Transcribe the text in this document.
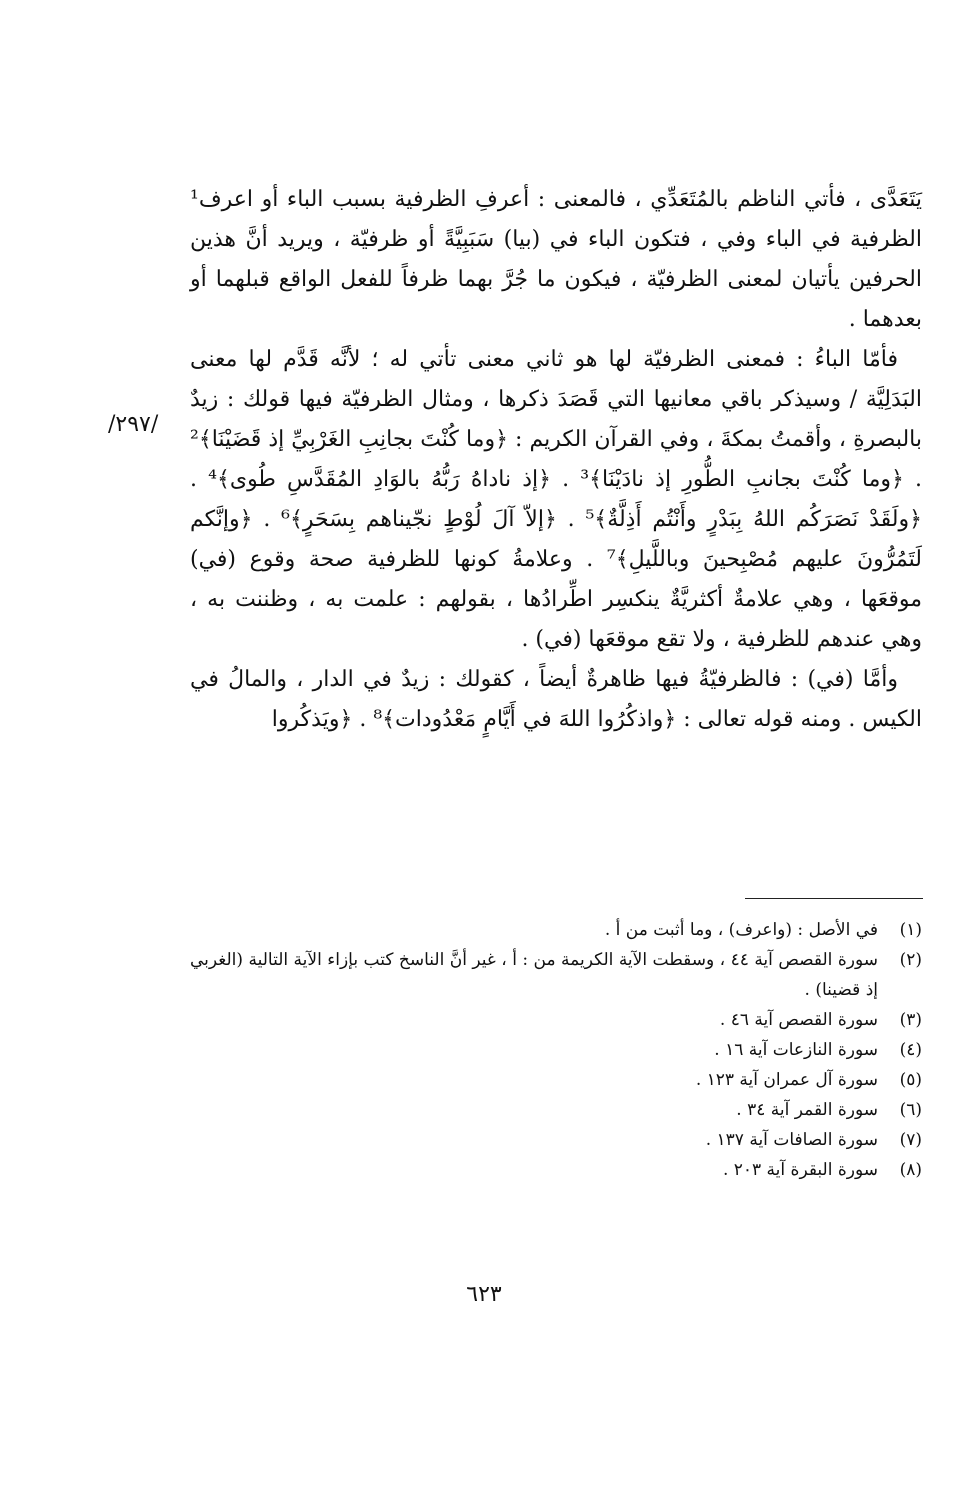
يَتَعَدَّى ، فأتي الناظم بالمُتَعَدِّي ، فالمعنى : أعرفِ الظرفية بسبب الباء أو اعرف¹ الظرفية في الباء وفي ، فتكون الباء في (بيا) سَبَبِيَّةً أو ظرفيّة ، ويريد أنَّ هذين الحرفين يأتيان لمعنى الظرفيّة ، فيكون ما جُرَّ بهما ظرفاً للفعل الواقع قبلهما أو بعدهما .

فأمّا الباءُ : فمعنى الظرفيّة لها هو ثاني معنى تأتي له ؛ لأنَّه قَدَّم لها معنى البَدَلِيَّة / وسيذكر باقي معانيها التي قَصَدَ ذكرها ، ومثال الظرفيّة فيها قولك : زيدٌ بالبصرةِ ، وأقمتُ بمكةَ ، وفي القرآن الكريم : ﴿وما كُنْتَ بجانِبِ الغَرْبِيِّ إذ قَضَيْنَا﴾² . ﴿وما كُنْتَ بجانبِ الطُّورِ إذ نادَيْنَا﴾³ . ﴿إذ ناداهُ رَبُّهُ بالوَادِ المُقَدَّسِ طُوى﴾⁴ . ﴿ولَقَدْ نَصَرَكُم اللهُ بِبَدْرٍ وأَنْتُم أَذِلَّةٌ﴾⁵ . ﴿إلاّ آلَ لُوْطٍ نجّيناهم بِسَحَرٍ﴾⁶ . ﴿وإنَّكم لَتَمُرُّونَ عليهم مُصْبِحينَ وباللَّيلِ﴾⁷ . وعلامةُ كونها للظرفية صحة وقوع (في) موقعَها ، وهي علامةٌ أكثريَّةٌ ينكسِر اطِّرادُها ، بقولهم : علمت به ، وظننت به ، وهي عندهم للظرفية ، ولا تقع موقعَها (في) .

وأمَّا (في) : فالظرفيّةُ فيها ظاهرةٌ أيضاً ، كقولك : زيدٌ في الدار ، والمالُ في الكيس . ومنه قوله تعالى : ﴿واذكُرُوا اللهَ في أَيَّامٍ مَعْدُودات﴾⁸ . ﴿ويَذكُروا

/٢٩٧/
(١)
في الأصل : (واعرف) ، وما أثبت من أ .
(٢)
سورة القصص آية ٤٤ ، وسقطت الآية الكريمة من : أ ، غير أنَّ الناسخ كتب بإزاء الآية التالية (الغربي إذ قضينا) .
(٣)
سورة القصص آية ٤٦ .
(٤)
سورة النازعات آية ١٦ .
(٥)
سورة آل عمران آية ١٢٣ .
(٦)
سورة القمر آية ٣٤ .
(٧)
سورة الصافات آية ١٣٧ .
(٨)
سورة البقرة آية ٢٠٣ .
٦٢٣
